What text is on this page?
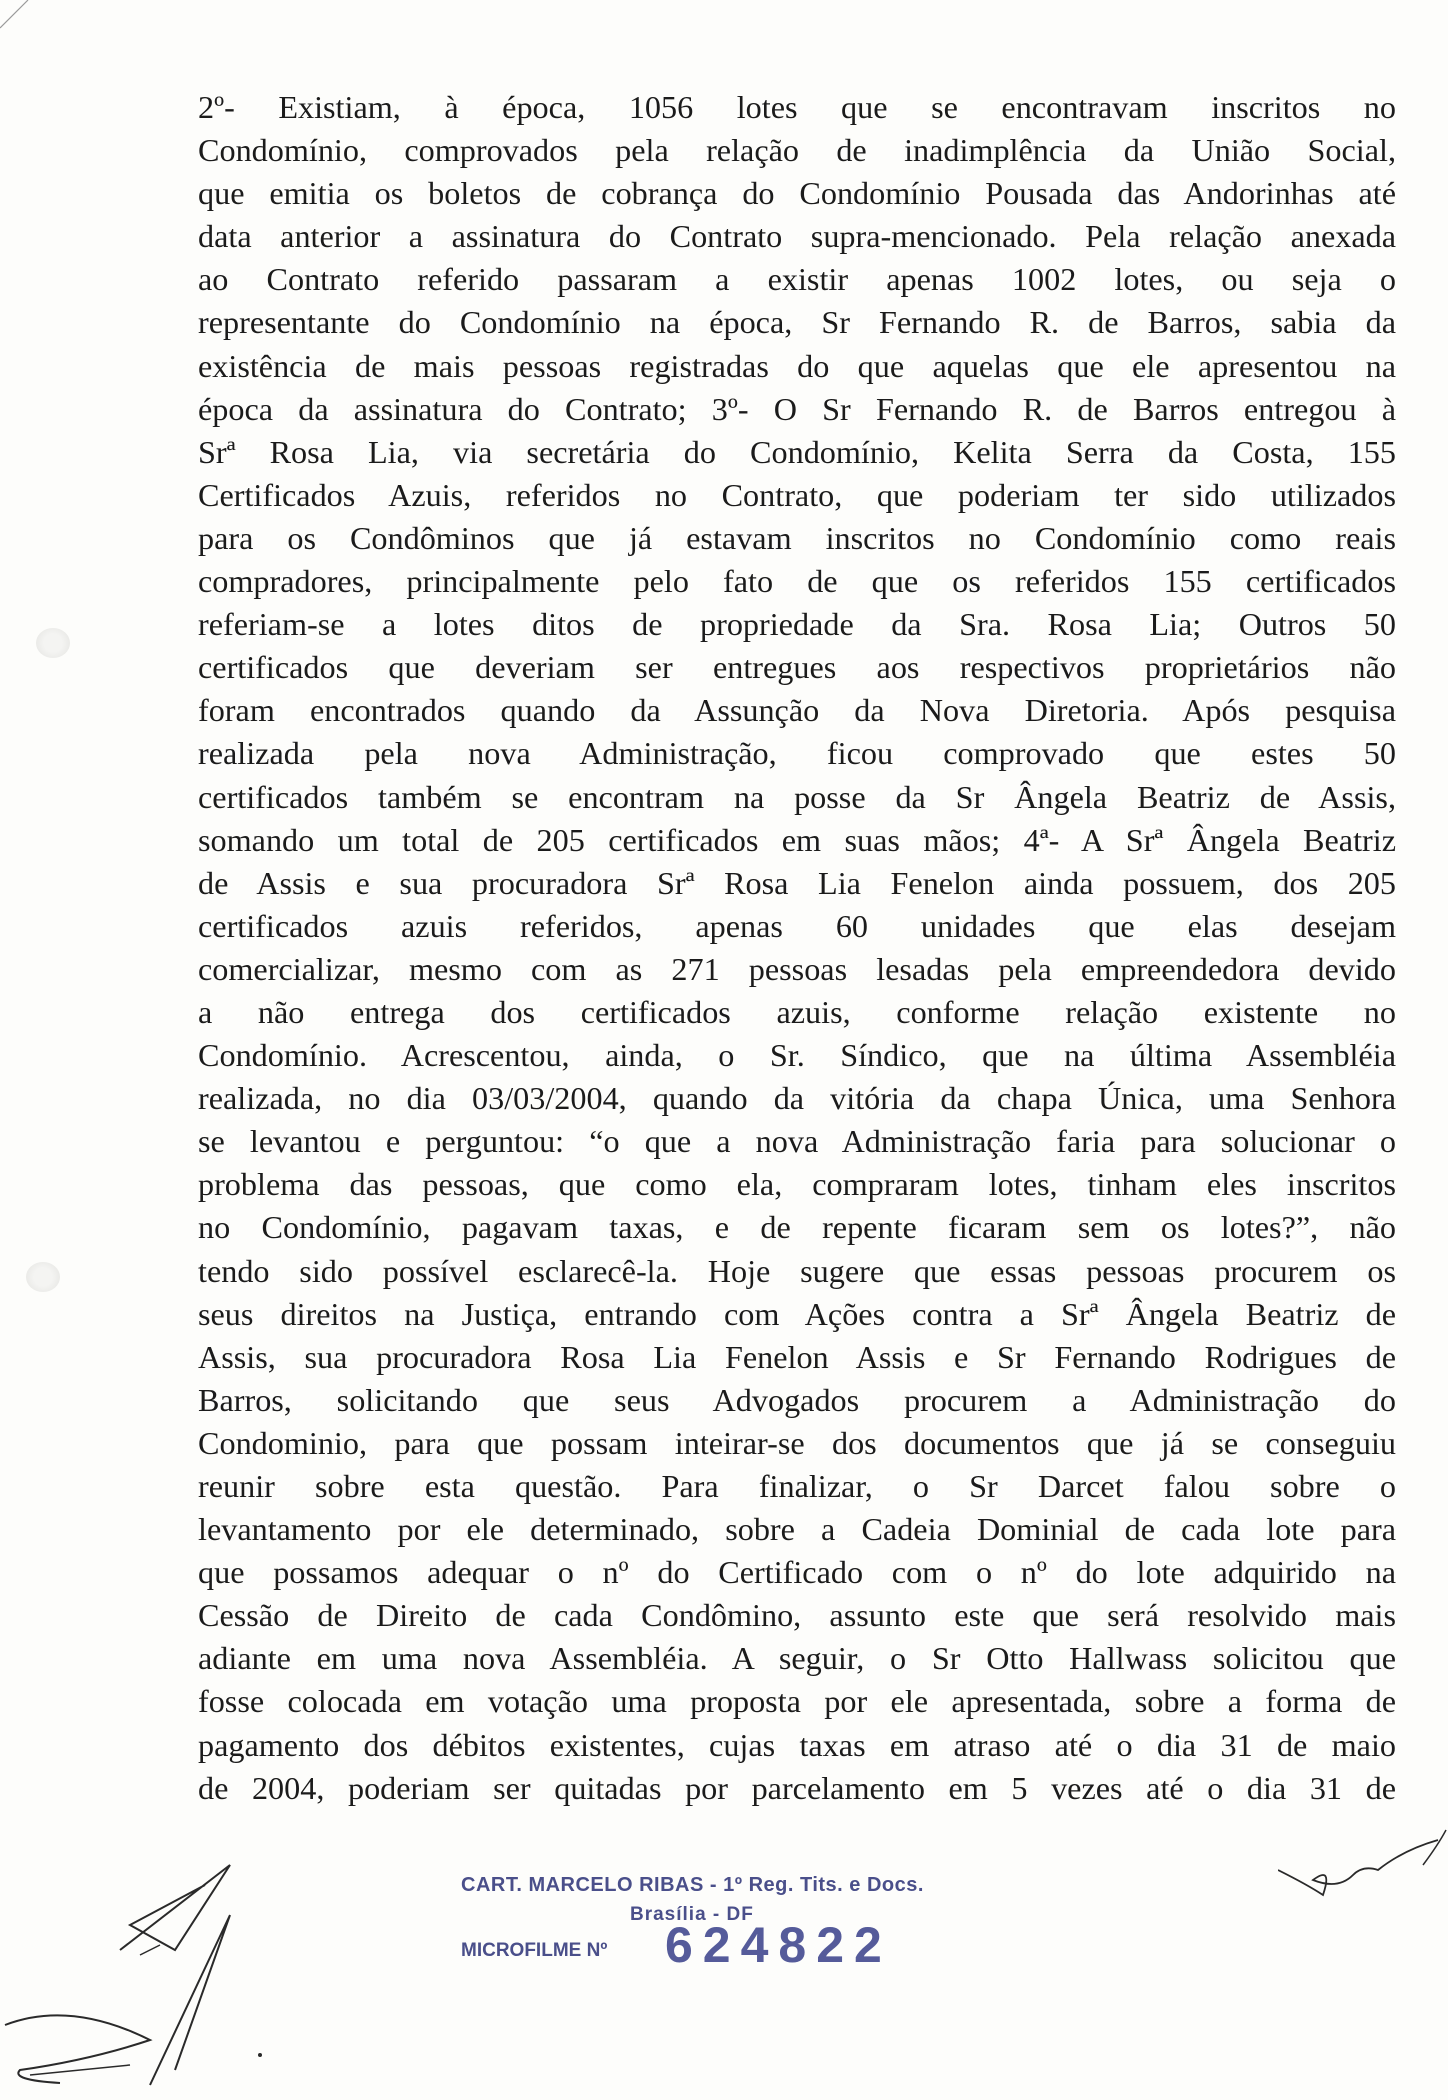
2º- Existiam, à época, 1056 lotes que se encontravam inscritos no
Condomínio, comprovados pela relação de inadimplência da União Social,
que emitia os boletos de cobrança do Condomínio Pousada das Andorinhas até
data anterior a assinatura do Contrato supra-mencionado. Pela relação anexada
ao Contrato referido passaram a existir apenas 1002 lotes, ou seja o
representante do Condomínio na época, Sr Fernando R. de Barros, sabia da
existência de mais pessoas registradas do que aquelas que ele apresentou na
época da assinatura do Contrato; 3º- O Sr Fernando R. de Barros entregou à
Srª Rosa Lia, via secretária do Condomínio, Kelita Serra da Costa, 155
Certificados Azuis, referidos no Contrato, que poderiam ter sido utilizados
para os Condôminos que já estavam inscritos no Condomínio como reais
compradores, principalmente pelo fato de que os referidos 155 certificados
referiam-se a lotes ditos de propriedade da Sra. Rosa Lia; Outros 50
certificados que deveriam ser entregues aos respectivos proprietários não
foram encontrados quando da Assunção da Nova Diretoria. Após pesquisa
realizada pela nova Administração, ficou comprovado que estes 50
certificados também se encontram na posse da Sr Ângela Beatriz de Assis,
somando um total de 205 certificados em suas mãos; 4ª- A Srª Ângela Beatriz
de Assis e sua procuradora Srª Rosa Lia Fenelon ainda possuem, dos 205
certificados azuis referidos, apenas 60 unidades que elas desejam
comercializar, mesmo com as 271 pessoas lesadas pela empreendedora devido
a não entrega dos certificados azuis, conforme relação existente no
Condomínio. Acrescentou, ainda, o Sr. Síndico, que na última Assembléia
realizada, no dia 03/03/2004, quando da vitória da chapa Única, uma Senhora
se levantou e perguntou: “o que a nova Administração faria para solucionar o
problema das pessoas, que como ela, compraram lotes, tinham eles inscritos
no Condomínio, pagavam taxas, e de repente ficaram sem os lotes?”, não
tendo sido possível esclarecê-la. Hoje sugere que essas pessoas procurem os
seus direitos na Justiça, entrando com Ações contra a Srª Ângela Beatriz de
Assis, sua procuradora Rosa Lia Fenelon Assis e Sr Fernando Rodrigues de
Barros, solicitando que seus Advogados procurem a Administração do
Condominio, para que possam inteirar-se dos documentos que já se conseguiu
reunir sobre esta questão. Para finalizar, o Sr Darcet falou sobre o
levantamento por ele determinado, sobre a Cadeia Dominial de cada lote para
que possamos adequar o nº do Certificado com o nº do lote adquirido na
Cessão de Direito de cada Condômino, assunto este que será resolvido mais
adiante em uma nova Assembléia. A seguir, o Sr Otto Hallwass solicitou que
fosse colocada em votação uma proposta por ele apresentada, sobre a forma de
pagamento dos débitos existentes, cujas taxas em atraso até o dia 31 de maio
de 2004, poderiam ser quitadas por parcelamento em 5 vezes até o dia 31 de
CART. MARCELO RIBAS - 1º Reg. Tits. e Docs.
Brasília - DF
MICROFILME Nº 624822
